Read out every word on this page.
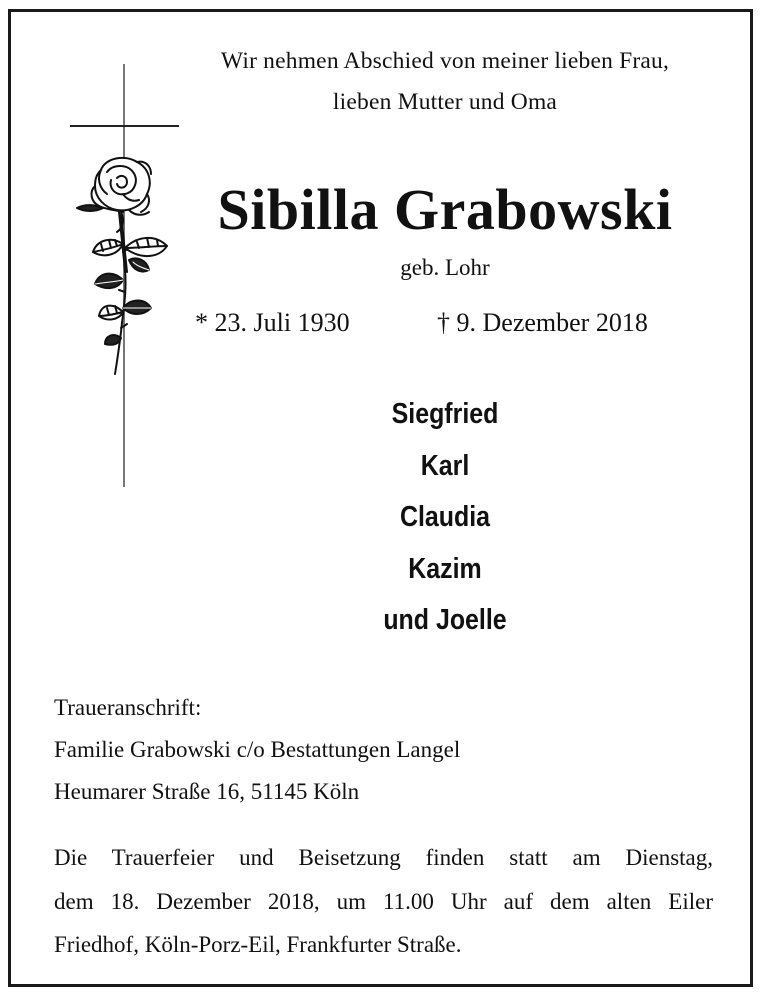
Wir nehmen Abschied von meiner lieben Frau,
lieben Mutter und Oma
Sibilla Grabowski
geb. Lohr
* 23. Juli 1930	† 9. Dezember 2018
Siegfried
Karl
Claudia
Kazim
und Joelle
Traueranschrift:
Familie Grabowski c/o Bestattungen Langel
Heumarer Straße 16, 51145 Köln
Die Trauerfeier und Beisetzung finden statt am Dienstag,
dem 18. Dezember 2018, um 11.00 Uhr auf dem alten Eiler
Friedhof, Köln-Porz-Eil, Frankfurter Straße.
